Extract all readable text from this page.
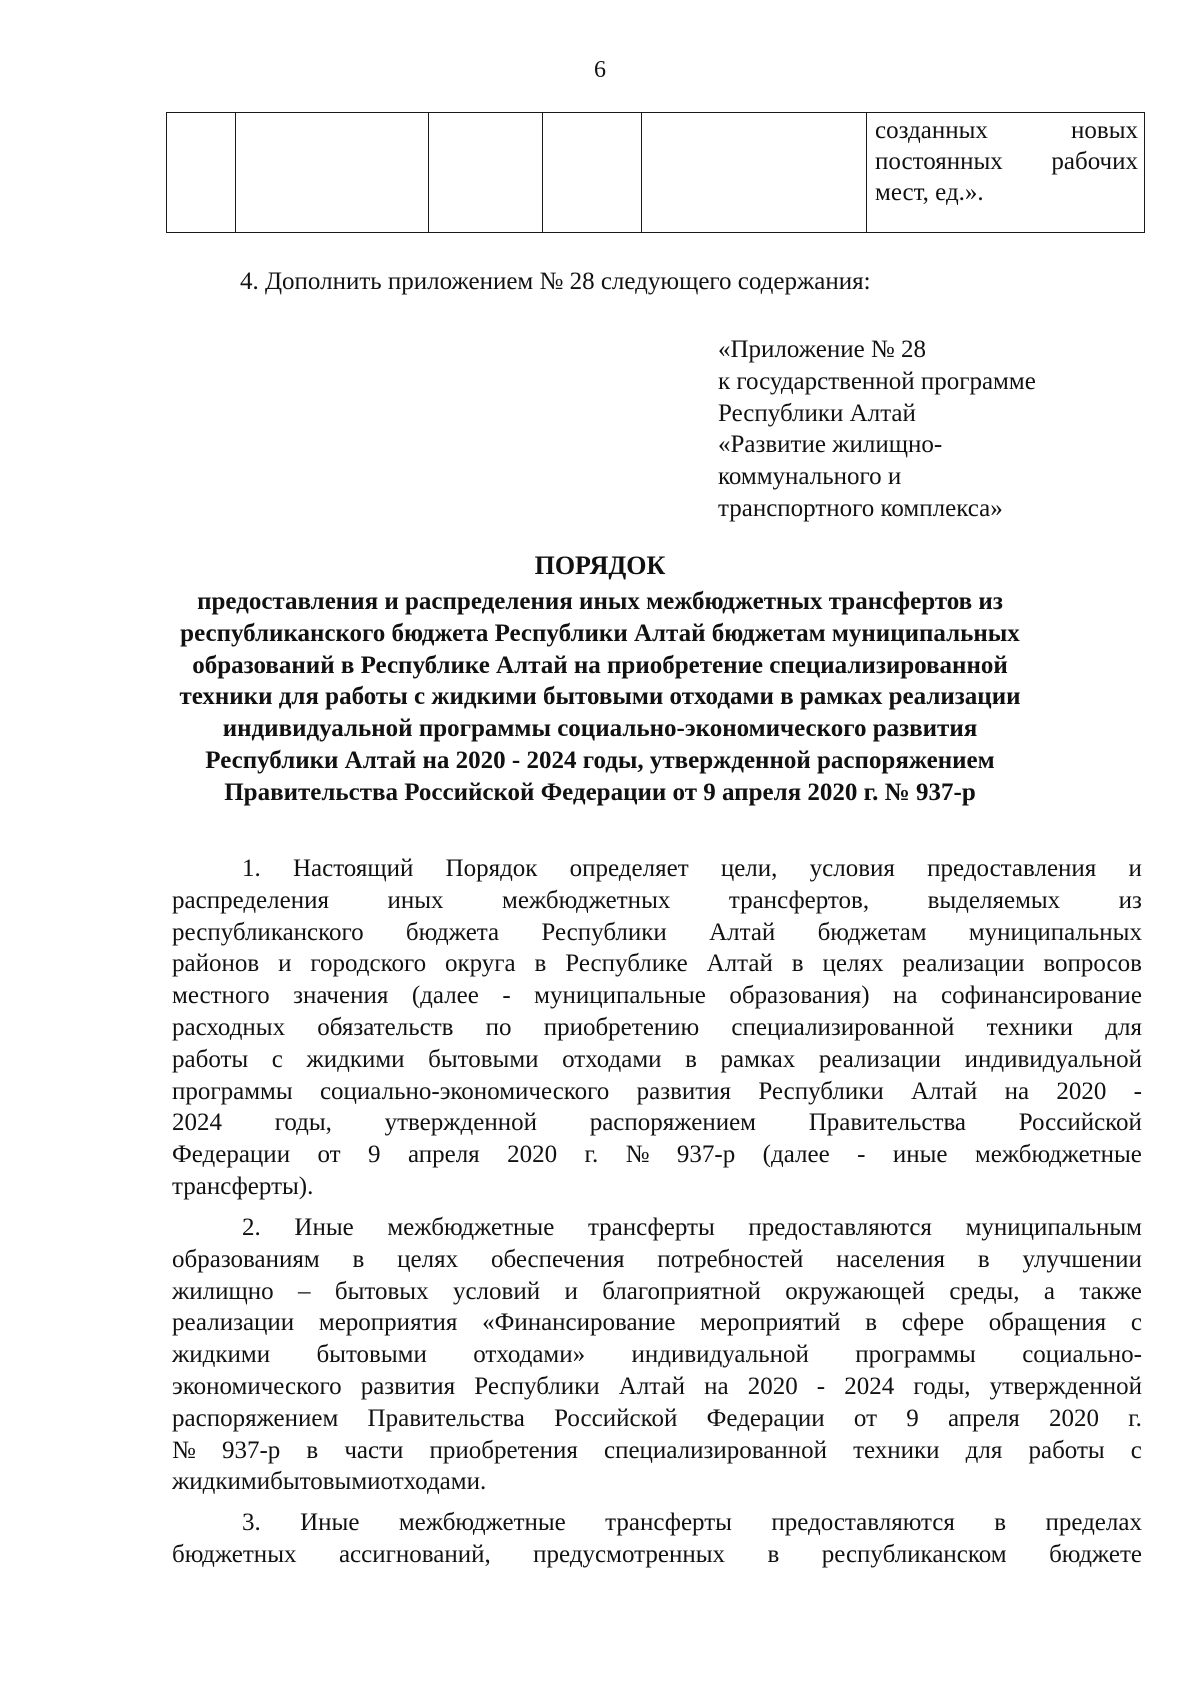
6

созданных	новых
постоянных рабочих
мест, ед.».
4. Дополнить приложением № 28 следующего содержания:
«Приложение № 28
к государственной программе
Республики Алтай
«Развитие жилищно-
коммунального и
транспортного комплекса»
ПОРЯДОК
предоставления и распределения иных межбюджетных трансфертов из
республиканского бюджета Республики Алтай бюджетам муниципальных
образований в Республике Алтай на приобретение специализированной
техники для работы с жидкими бытовыми отходами в рамках реализации
индивидуальной программы социально-экономического развития
Республики Алтай на 2020 - 2024 годы, утвержденной распоряжением
Правительства Российской Федерации от 9 апреля 2020 г. № 937-р
1. Настоящий Порядок определяет цели, условия предоставления и
распределения иных межбюджетных трансфертов, выделяемых из
республиканского бюджета Республики Алтай бюджетам муниципальных
районов и городского округа в Республике Алтай в целях реализации вопросов
местного значения (далее - муниципальные образования) на софинансирование
расходных обязательств по приобретению специализированной техники для
работы с жидкими бытовыми отходами в рамках реализации индивидуальной
программы социально-экономического развития Республики Алтай на 2020 -
2024 годы, утвержденной распоряжением Правительства Российской
Федерации от 9 апреля 2020 г. № 937-р (далее - иные межбюджетные
трансферты).
2. Иные межбюджетные трансферты предоставляются муниципальным
образованиям в целях обеспечения потребностей населения в улучшении
жилищно – бытовых условий и благоприятной окружающей среды, а также
реализации мероприятия «Финансирование мероприятий в сфере обращения с
жидкими бытовыми отходами» индивидуальной программы социально-
экономического развития Республики Алтай на 2020 - 2024 годы, утвержденной
распоряжением Правительства Российской Федерации от 9 апреля 2020 г.
№ 937-р в части приобретения специализированной техники для работы с
жидкими бытовыми отходами.
3. Иные межбюджетные трансферты предоставляются в пределах
бюджетных ассигнований, предусмотренных в республиканском бюджете
